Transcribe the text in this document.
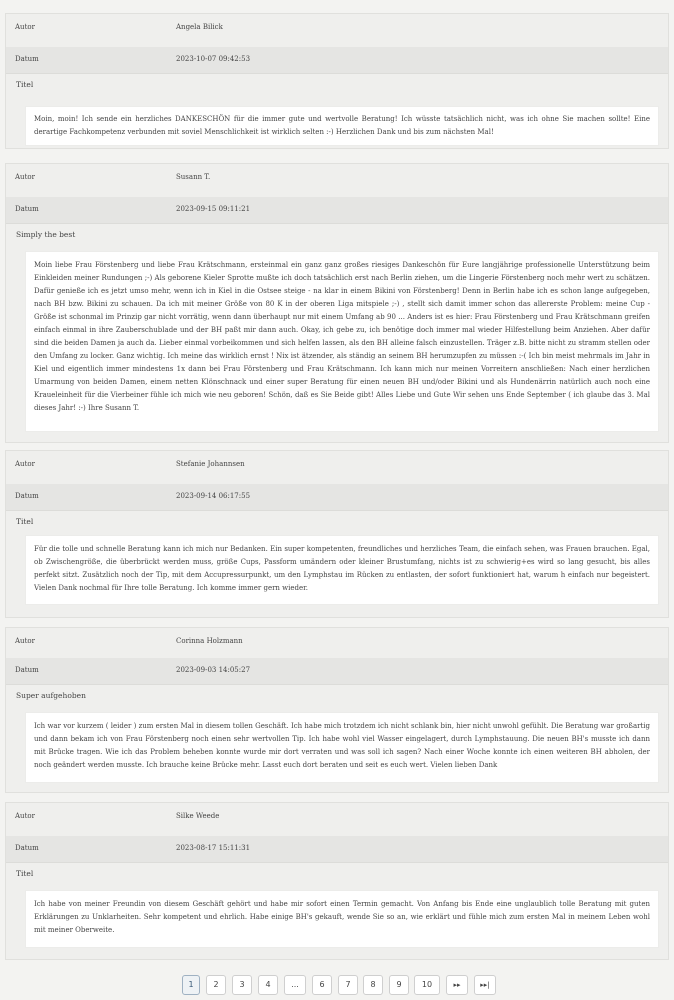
Autor	Angela Bilick
Datum	2023-10-07 09:42:53
Titel
Moin, moin! Ich sende ein herzliches DANKESCHÖN für die immer gute und wertvolle Beratung! Ich wüsste tatsächlich nicht, was ich ohne Sie machen sollte! Eine derartige Fachkompetenz verbunden mit soviel Menschlichkeit ist wirklich selten :-) Herzlichen Dank und bis zum nächsten Mal!
Autor	Susann T.
Datum	2023-09-15 09:11:21
Simply the best
Moin liebe Frau Förstenberg und liebe Frau Krätschmann, ersteinmal ein ganz ganz großes riesiges Dankeschön für Eure langjährige professionelle Unterstützung beim Einkleiden meiner Rundungen ;-) Als geborene Kieler Sprotte mußte ich doch tatsächlich erst nach Berlin ziehen, um die Lingerie Förstenberg noch mehr wert zu schätzen. Dafür genieße ich es jetzt umso mehr, wenn ich in Kiel in die Ostsee steige - na klar in einem Bikini von Förstenberg! Denn in Berlin habe ich es schon lange aufgegeben, nach BH bzw. Bikini zu schauen. Da ich mit meiner Größe von 80 K in der oberen Liga mitspiele ;-) , stellt sich damit immer schon das allererste Problem: meine Cup - Größe ist schonmal im Prinzip gar nicht vorrätig, wenn dann überhaupt nur mit einem Umfang ab 90 ... Anders ist es hier: Frau Förstenberg und Frau Krätschmann greifen einfach einmal in ihre Zauberschublade und der BH paßt mir dann auch. Okay, ich gebe zu, ich benötige doch immer mal wieder Hilfestellung beim Anziehen. Aber dafür sind die beiden Damen ja auch da. Lieber einmal vorbeikommen und sich helfen lassen, als den BH alleine falsch einzustellen. Träger z.B. bitte nicht zu stramm stellen oder den Umfang zu locker. Ganz wichtig. Ich meine das wirklich ernst ! Nix ist ätzender, als ständig an seinem BH herumzupfen zu müssen :-( Ich bin meist mehrmals im Jahr in Kiel und eigentlich immer mindestens 1x dann bei Frau Förstenberg und Frau Krätschmann. Ich kann mich nur meinen Vorreitern anschließen: Nach einer herzlichen Umarmung von beiden Damen, einem netten Klönschnack und einer super Beratung für einen neuen BH und/oder Bikini und als Hundenärrin natürlich auch noch eine Kraueleinheit für die Vierbeiner fühle ich mich wie neu geboren! Schön, daß es Sie Beide gibt! Alles Liebe und Gute Wir sehen uns Ende September ( ich glaube das 3. Mal dieses Jahr! :-) Ihre Susann T.
Autor	Stefanie Johannsen
Datum	2023-09-14 06:17:55
Titel
Für die tolle und schnelle Beratung kann ich mich nur Bedanken. Ein super kompetenten, freundliches und herzliches Team, die einfach sehen, was Frauen brauchen. Egal, ob Zwischengröße, die überbrückt werden muss, größe Cups, Passform umändern oder kleiner Brustumfang, nichts ist zu schwierig+es wird so lang gesucht, bis alles perfekt sitzt. Zusätzlich noch der Tip, mit dem Accupressurpunkt, um den Lymphstau im Rücken zu entlasten, der sofort funktioniert hat, warum h einfach nur begeistert. Vielen Dank nochmal für Ihre tolle Beratung. Ich komme immer gern wieder.
Autor	Corinna Holzmann
Datum	2023-09-03 14:05:27
Super aufgehoben
Ich war vor kurzem ( leider ) zum ersten Mal in diesem tollen Geschäft. Ich habe mich trotzdem ich nicht schlank bin, hier nicht unwohl gefühlt. Die Beratung war großartig und dann bekam ich von Frau Förstenberg noch einen sehr wertvollen Tip. Ich habe wohl viel Wasser eingelagert, durch Lymphstauung. Die neuen BH's musste ich dann mit Brücke tragen. Wie ich das Problem beheben konnte wurde mir dort verraten und was soll ich sagen? Nach einer Woche konnte ich einen weiteren BH abholen, der noch geändert werden musste. Ich brauche keine Brücke mehr. Lasst euch dort beraten und seit es euch wert. Vielen lieben Dank
Autor	Silke Weede
Datum	2023-08-17 15:11:31
Titel
Ich habe von meiner Freundin von diesem Geschäft gehört und habe mir sofort einen Termin gemacht. Von Anfang bis Ende eine unglaublich tolle Beratung mit guten Erklärungen zu Unklarheiten. Sehr kompetent und ehrlich. Habe einige BH's gekauft, wende Sie so an, wie erklärt und fühle mich zum ersten Mal in meinem Leben wohl mit meiner Oberweite.
1	2	3	4	...	6	7	8	9	10	▸▸	▸▸|
